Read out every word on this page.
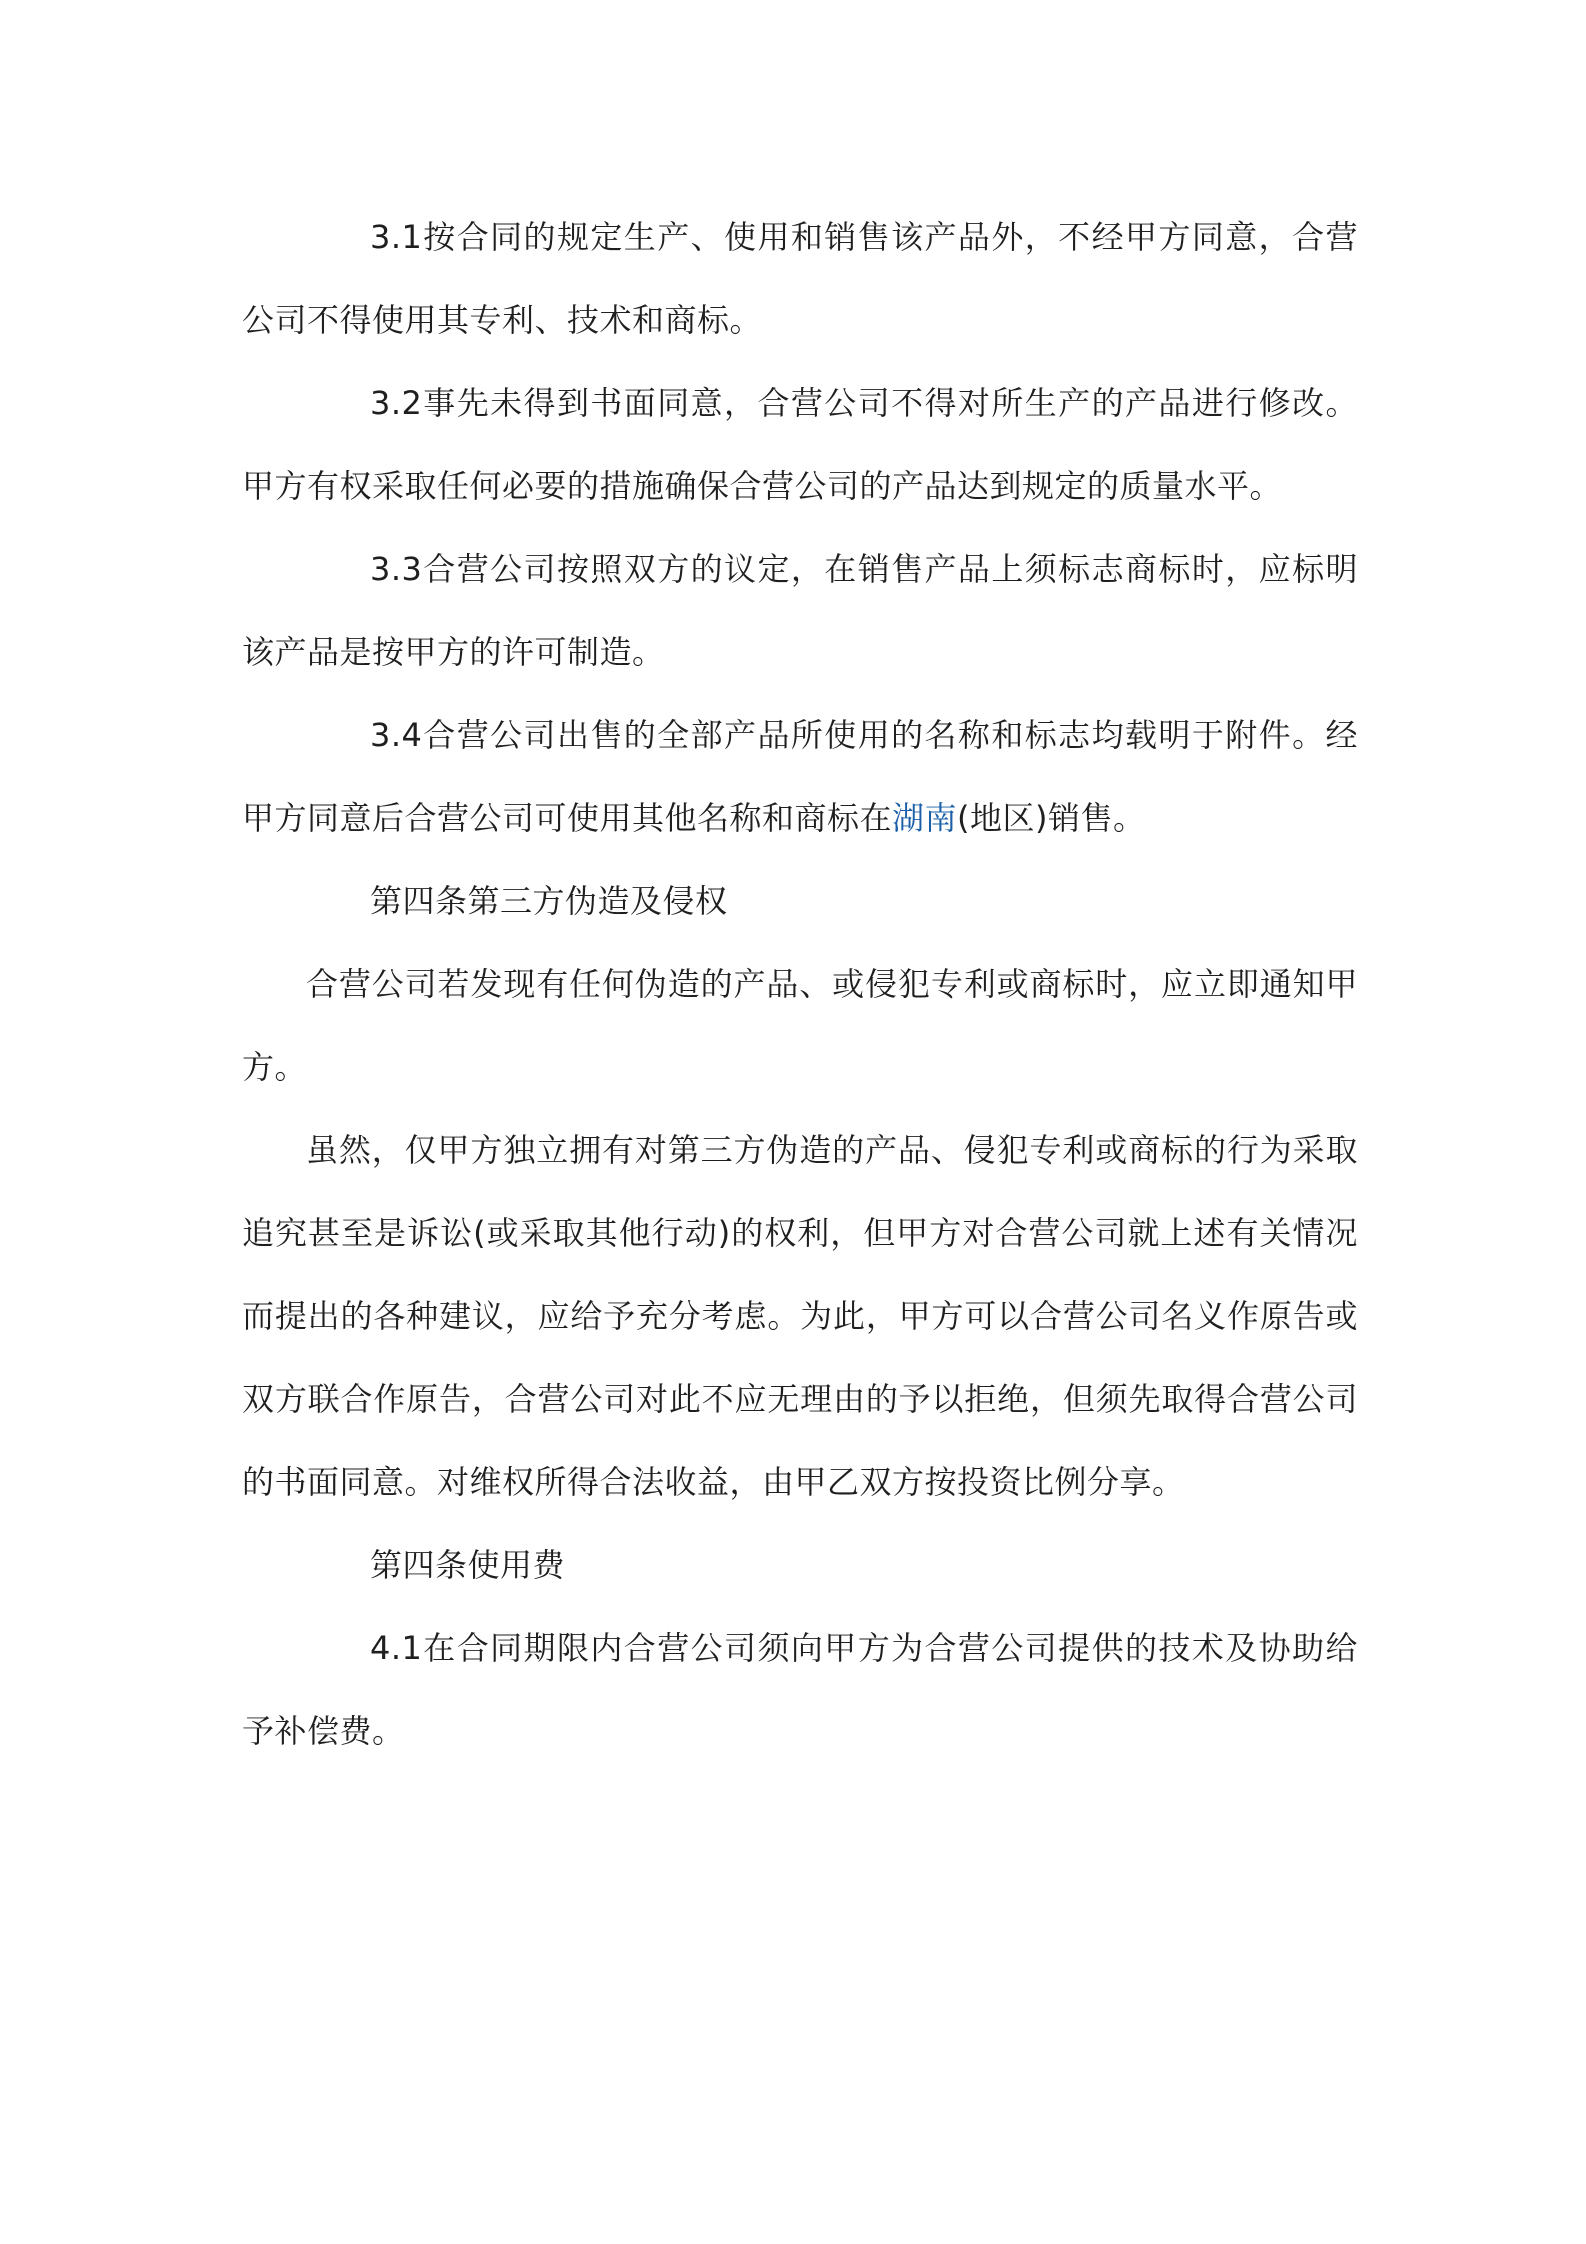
3.1按合同的规定生产、使用和销售该产品外，不经甲方同意，合营公司不得使用其专利、技术和商标。

3.2事先未得到书面同意，合营公司不得对所生产的产品进行修改。甲方有权采取任何必要的措施确保合营公司的产品达到规定的质量水平。

3.3合营公司按照双方的议定，在销售产品上须标志商标时，应标明该产品是按甲方的许可制造。

3.4合营公司出售的全部产品所使用的名称和标志均载明于附件。经甲方同意后合营公司可使用其他名称和商标在湖南(地区)销售。

第四条第三方伪造及侵权

合营公司若发现有任何伪造的产品、或侵犯专利或商标时，应立即通知甲方。

虽然，仅甲方独立拥有对第三方伪造的产品、侵犯专利或商标的行为采取追究甚至是诉讼(或采取其他行动)的权利，但甲方对合营公司就上述有关情况而提出的各种建议，应给予充分考虑。为此，甲方可以合营公司名义作原告或双方联合作原告，合营公司对此不应无理由的予以拒绝，但须先取得合营公司的书面同意。对维权所得合法收益，由甲乙双方按投资比例分享。

第四条使用费

4.1在合同期限内合营公司须向甲方为合营公司提供的技术及协助给予补偿费。
